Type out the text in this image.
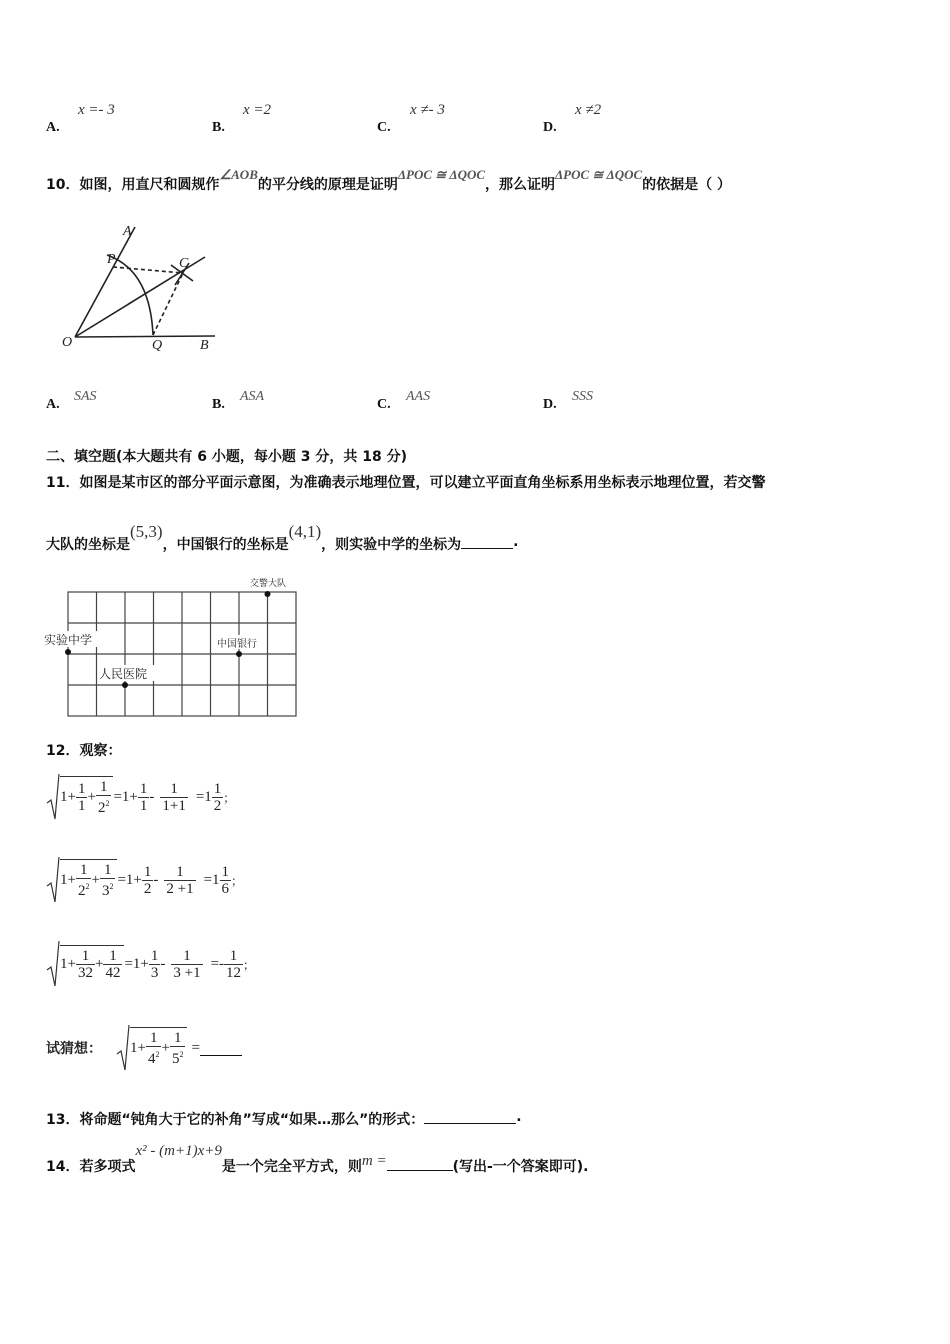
A.
x =- 3
B.
x =2
C.
x ≠- 3
D.
x ≠2
10． 如图，用直尺和圆规作
∠AOB
的平分线的原理是证明
ΔPOC ≅ ΔQOC
，那么证明
ΔPOC ≅ ΔQOC
的依据是（ ）
A
P	C
O	Q	B
A.
SAS
B.
ASA
C.
AAS
D.
SSS
二、填空题(本大题共有 6 小题，每小题 3 分，共 18 分)
11．如图是某市区的部分平面示意图，为准确表示地理位置，可以建立平面直角坐标系用坐标表示地理位置，若交警
大队的坐标是
(5,3)
，中国银行的坐标是
(4,1)
，则实验中学的坐标为	.
交警大队
实验中学	中国银行
人民医院
12．观察：
$1+ \frac{1}{1} + \frac{1}{2^2} =1+ \frac{1}{1} - \frac{1}{1+1} = 1 \frac{1}{2}$ ；
$1+ \frac{1}{2^2} + \frac{1}{3^2} =1+ \frac{1}{2} - \frac{1}{2 +1} = 1 \frac{1}{6}$ ；
$1+ \frac{1}{32} + \frac{1}{42} =1+ \frac{1}{3} - \frac{1}{3 +1}$ = - $\frac{1}{12}$ ；
试猜想： $1+ \frac{1}{4^2} + \frac{1}{5^2}$ =
13．将命题“钝角大于它的补角”写成“如果…那么”的形式：	.
14．若多项式
x² - (m+1)x+9
是一个完全平方式，则 m =	(写出-一个答案即可).
